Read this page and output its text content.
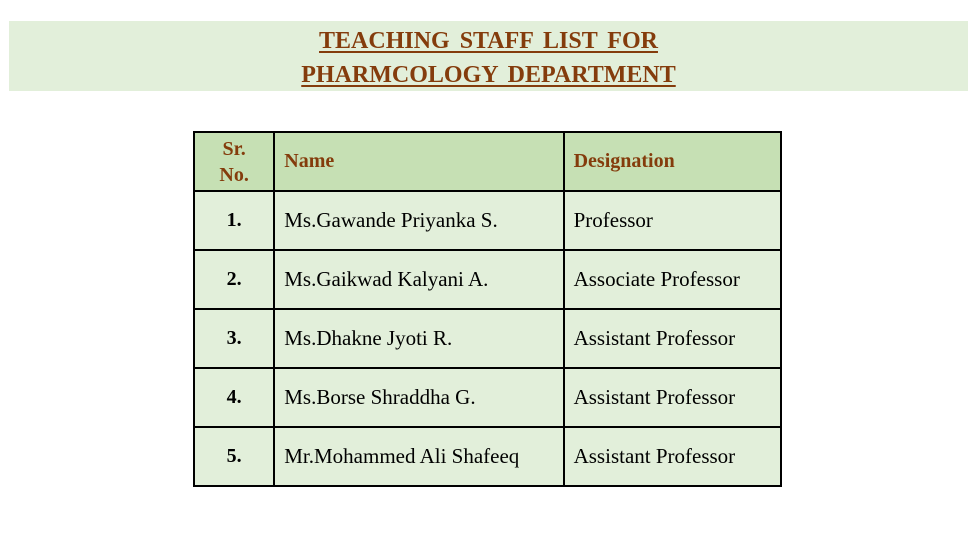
TEACHING STAFF LIST FOR
PHARMCOLOGY DEPARTMENT
Sr.
No.	Name	Designation
1.	Ms.Gawande Priyanka S.	Professor
2.	Ms.Gaikwad Kalyani A.	Associate Professor
3.	Ms.Dhakne Jyoti R.	Assistant Professor
4.	Ms.Borse Shraddha G.	Assistant Professor
5.	Mr.Mohammed Ali Shafeeq	Assistant Professor
